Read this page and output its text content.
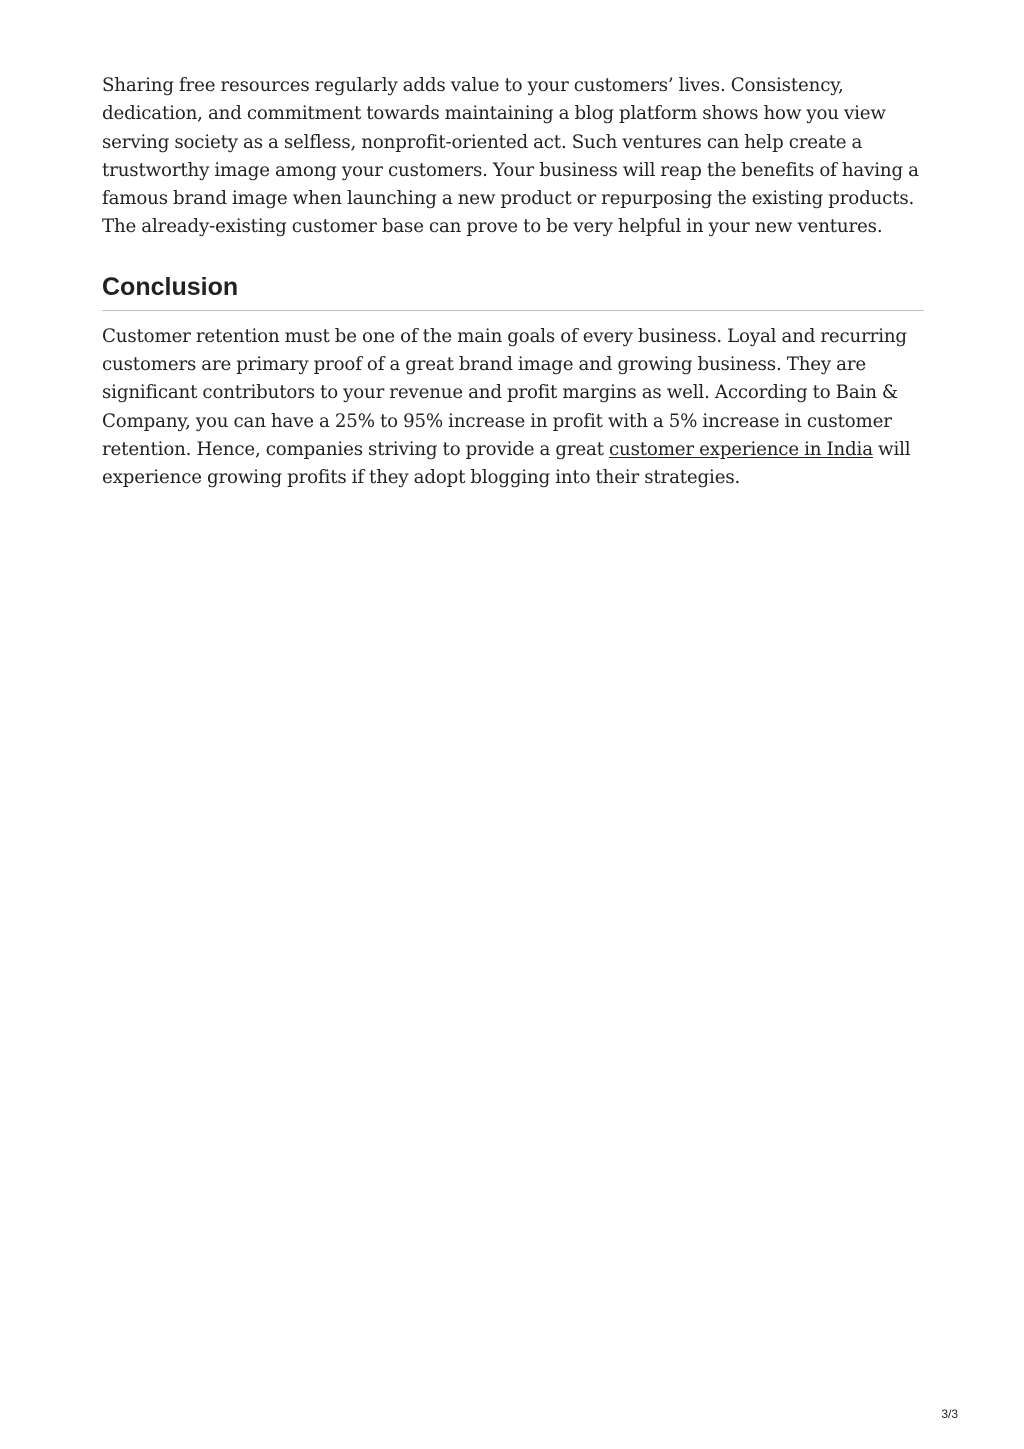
Sharing free resources regularly adds value to your customers’ lives. Consistency, dedication, and commitment towards maintaining a blog platform shows how you view serving society as a selfless, nonprofit-oriented act. Such ventures can help create a trustworthy image among your customers. Your business will reap the benefits of having a famous brand image when launching a new product or repurposing the existing products. The already-existing customer base can prove to be very helpful in your new ventures.

Conclusion

Customer retention must be one of the main goals of every business. Loyal and recurring customers are primary proof of a great brand image and growing business. They are significant contributors to your revenue and profit margins as well. According to Bain & Company, you can have a 25% to 95% increase in profit with a 5% increase in customer retention. Hence, companies striving to provide a great customer experience in India will experience growing profits if they adopt blogging into their strategies.

3/3
